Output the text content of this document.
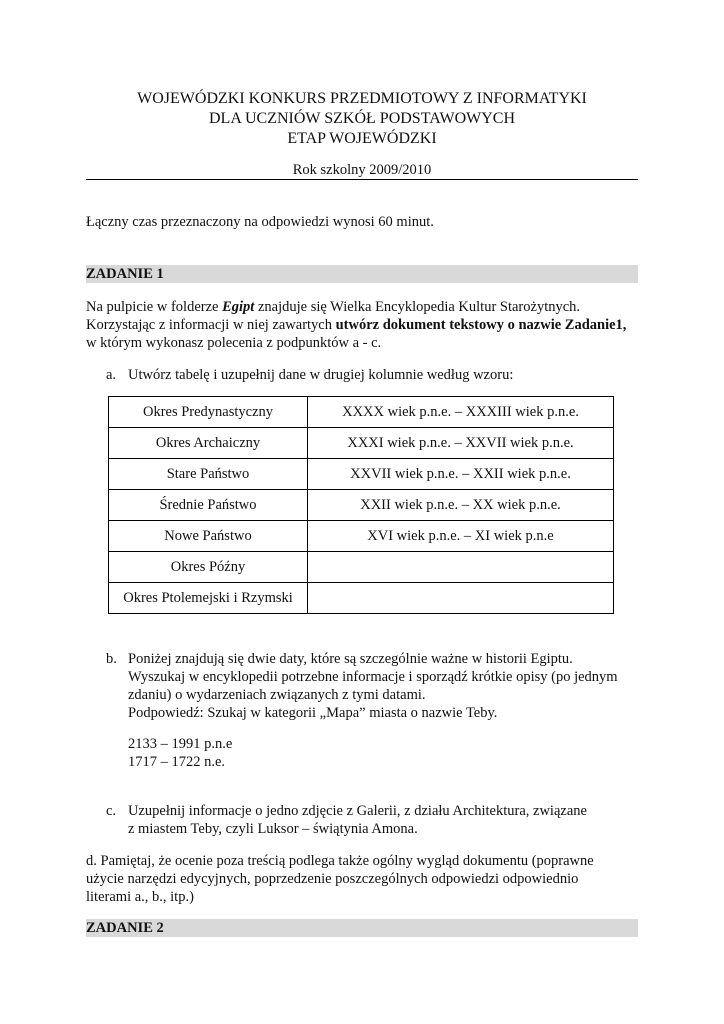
WOJEWÓDZKI KONKURS PRZEDMIOTOWY Z INFORMATYKI
DLA UCZNIÓW SZKÓŁ PODSTAWOWYCH
ETAP WOJEWÓDZKI
Rok szkolny 2009/2010
Łączny czas przeznaczony na odpowiedzi wynosi 60 minut.
ZADANIE 1
Na pulpicie w folderze Egipt znajduje się Wielka Encyklopedia Kultur Starożytnych.
Korzystając z informacji w niej zawartych utwórz dokument tekstowy o nazwie Zadanie1,
w którym wykonasz polecenia z podpunktów a - c.
a. Utwórz tabelę i uzupełnij dane w drugiej kolumnie według wzoru:
Okres Predynastyczny	XXXX wiek p.n.e. – XXXIII wiek p.n.e.
Okres Archaiczny	XXXI wiek p.n.e. – XXVII wiek p.n.e.
Stare Państwo	XXVII wiek p.n.e. – XXII wiek p.n.e.
Średnie Państwo	XXII wiek p.n.e. – XX wiek p.n.e.
Nowe Państwo	XVI wiek p.n.e. – XI wiek p.n.e
Okres Późny	
Okres Ptolemejski i Rzymski	
b. Poniżej znajdują się dwie daty, które są szczególnie ważne w historii Egiptu.
Wyszukaj w encyklopedii potrzebne informacje i sporządź krótkie opisy (po jednym
zdaniu) o wydarzeniach związanych z tymi datami.
Podpowiedź: Szukaj w kategorii „Mapa” miasta o nazwie Teby.
2133 – 1991 p.n.e
1717 – 1722 n.e.
c. Uzupełnij informacje o jedno zdjęcie z Galerii, z działu Architektura, związane
z miastem Teby, czyli Luksor – świątynia Amona.
d. Pamiętaj, że ocenie poza treścią podlega także ogólny wygląd dokumentu (poprawne
użycie narzędzi edycyjnych, poprzedzenie poszczególnych odpowiedzi odpowiednio
literami a., b., itp.)
ZADANIE 2
